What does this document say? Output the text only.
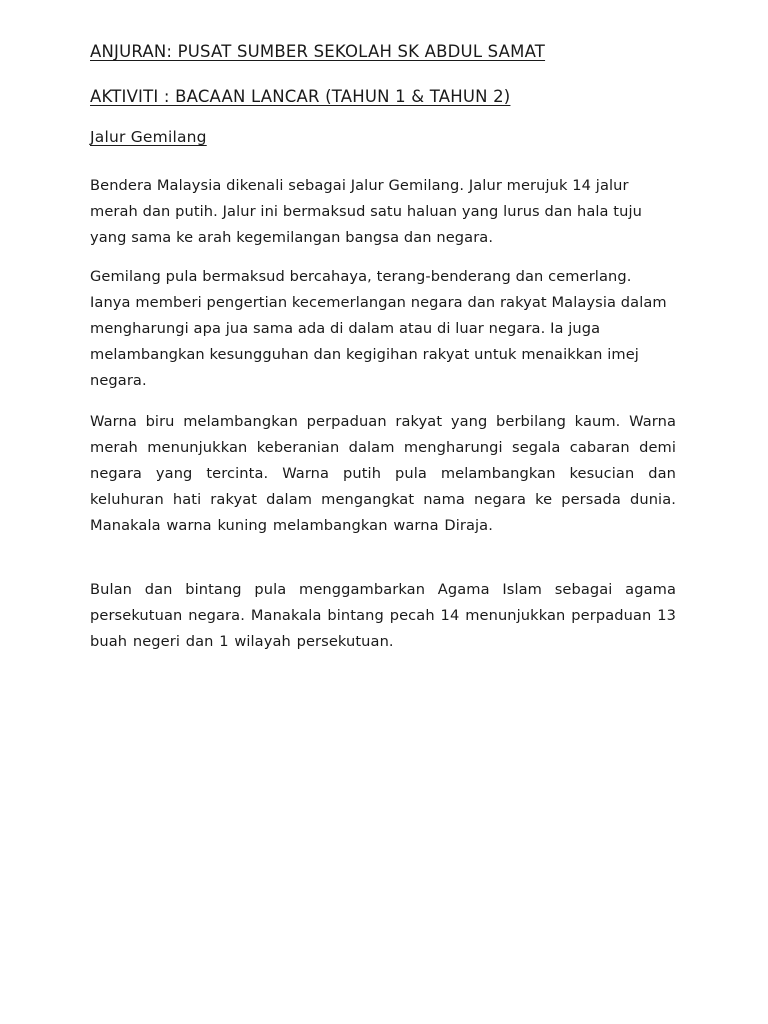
ANJURAN: PUSAT SUMBER SEKOLAH SK ABDUL SAMAT
AKTIVITI : BACAAN LANCAR (TAHUN 1 & TAHUN 2)
Jalur Gemilang

Bendera Malaysia dikenali sebagai Jalur Gemilang. Jalur merujuk 14 jalur merah dan putih. Jalur ini bermaksud satu haluan yang lurus dan hala tuju yang sama ke arah kegemilangan bangsa dan negara.

Gemilang pula bermaksud bercahaya, terang-benderang dan cemerlang. Ianya memberi pengertian kecemerlangan negara dan rakyat Malaysia dalam mengharungi apa jua sama ada di dalam atau di luar negara. Ia juga melambangkan kesungguhan dan kegigihan rakyat untuk menaikkan imej negara.

Warna biru melambangkan perpaduan rakyat yang berbilang kaum. Warna merah menunjukkan keberanian dalam mengharungi segala cabaran demi negara yang tercinta. Warna putih pula melambangkan kesucian dan keluhuran hati rakyat dalam mengangkat nama negara ke persada dunia. Manakala warna kuning melambangkan warna Diraja.

Bulan dan bintang pula menggambarkan Agama Islam sebagai agama persekutuan negara. Manakala bintang pecah 14 menunjukkan perpaduan 13 buah negeri dan 1 wilayah persekutuan.
